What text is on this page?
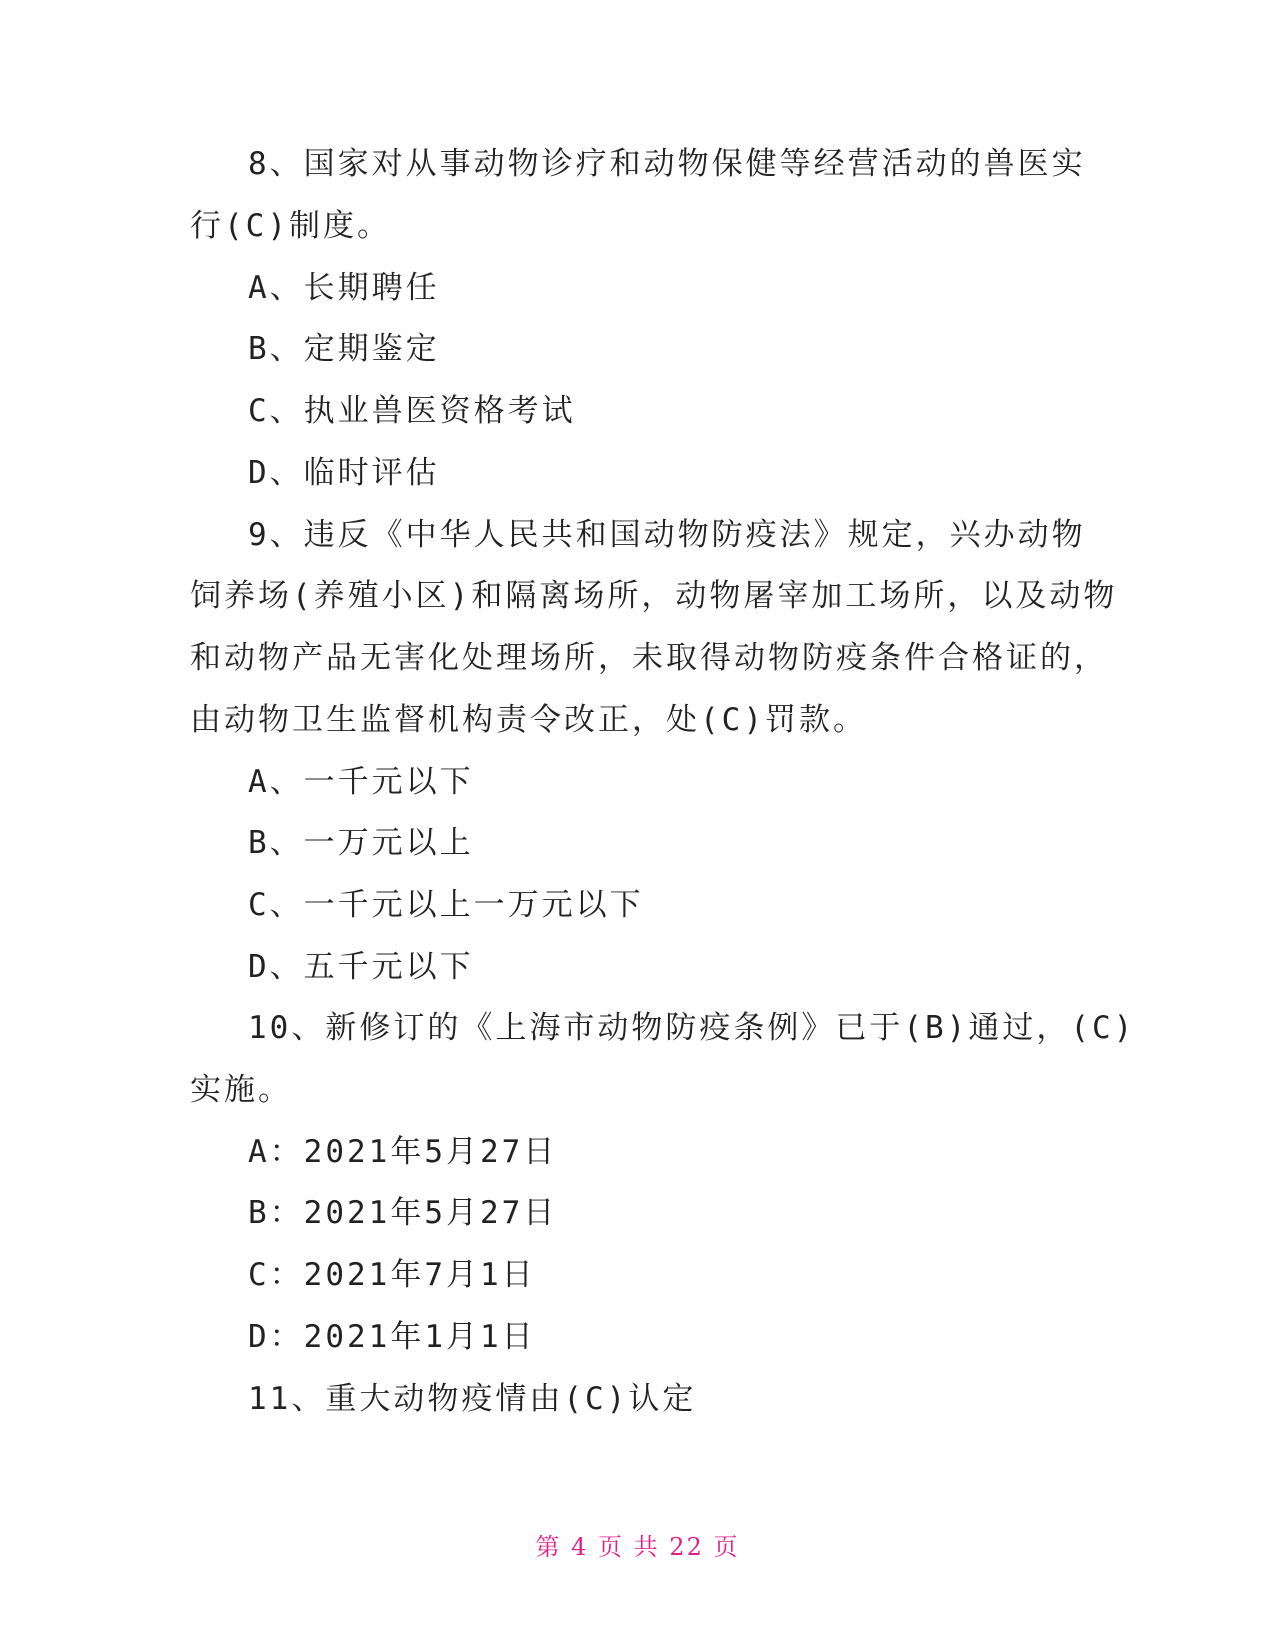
8、国家对从事动物诊疗和动物保健等经营活动的兽医实
行(C)制度。
A、长期聘任
B、定期鉴定
C、执业兽医资格考试
D、临时评估
9、违反《中华人民共和国动物防疫法》规定，兴办动物
饲养场(养殖小区)和隔离场所，动物屠宰加工场所，以及动物
和动物产品无害化处理场所，未取得动物防疫条件合格证的，
由动物卫生监督机构责令改正，处(C)罚款。
A、一千元以下
B、一万元以上
C、一千元以上一万元以下
D、五千元以下
10、新修订的《上海市动物防疫条例》已于(B)通过，(C)
实施。
A：2021年5月27日
B：2021年5月27日
C：2021年7月1日
D：2021年1月1日
11、重大动物疫情由(C)认定
第 4 页 共 22 页
